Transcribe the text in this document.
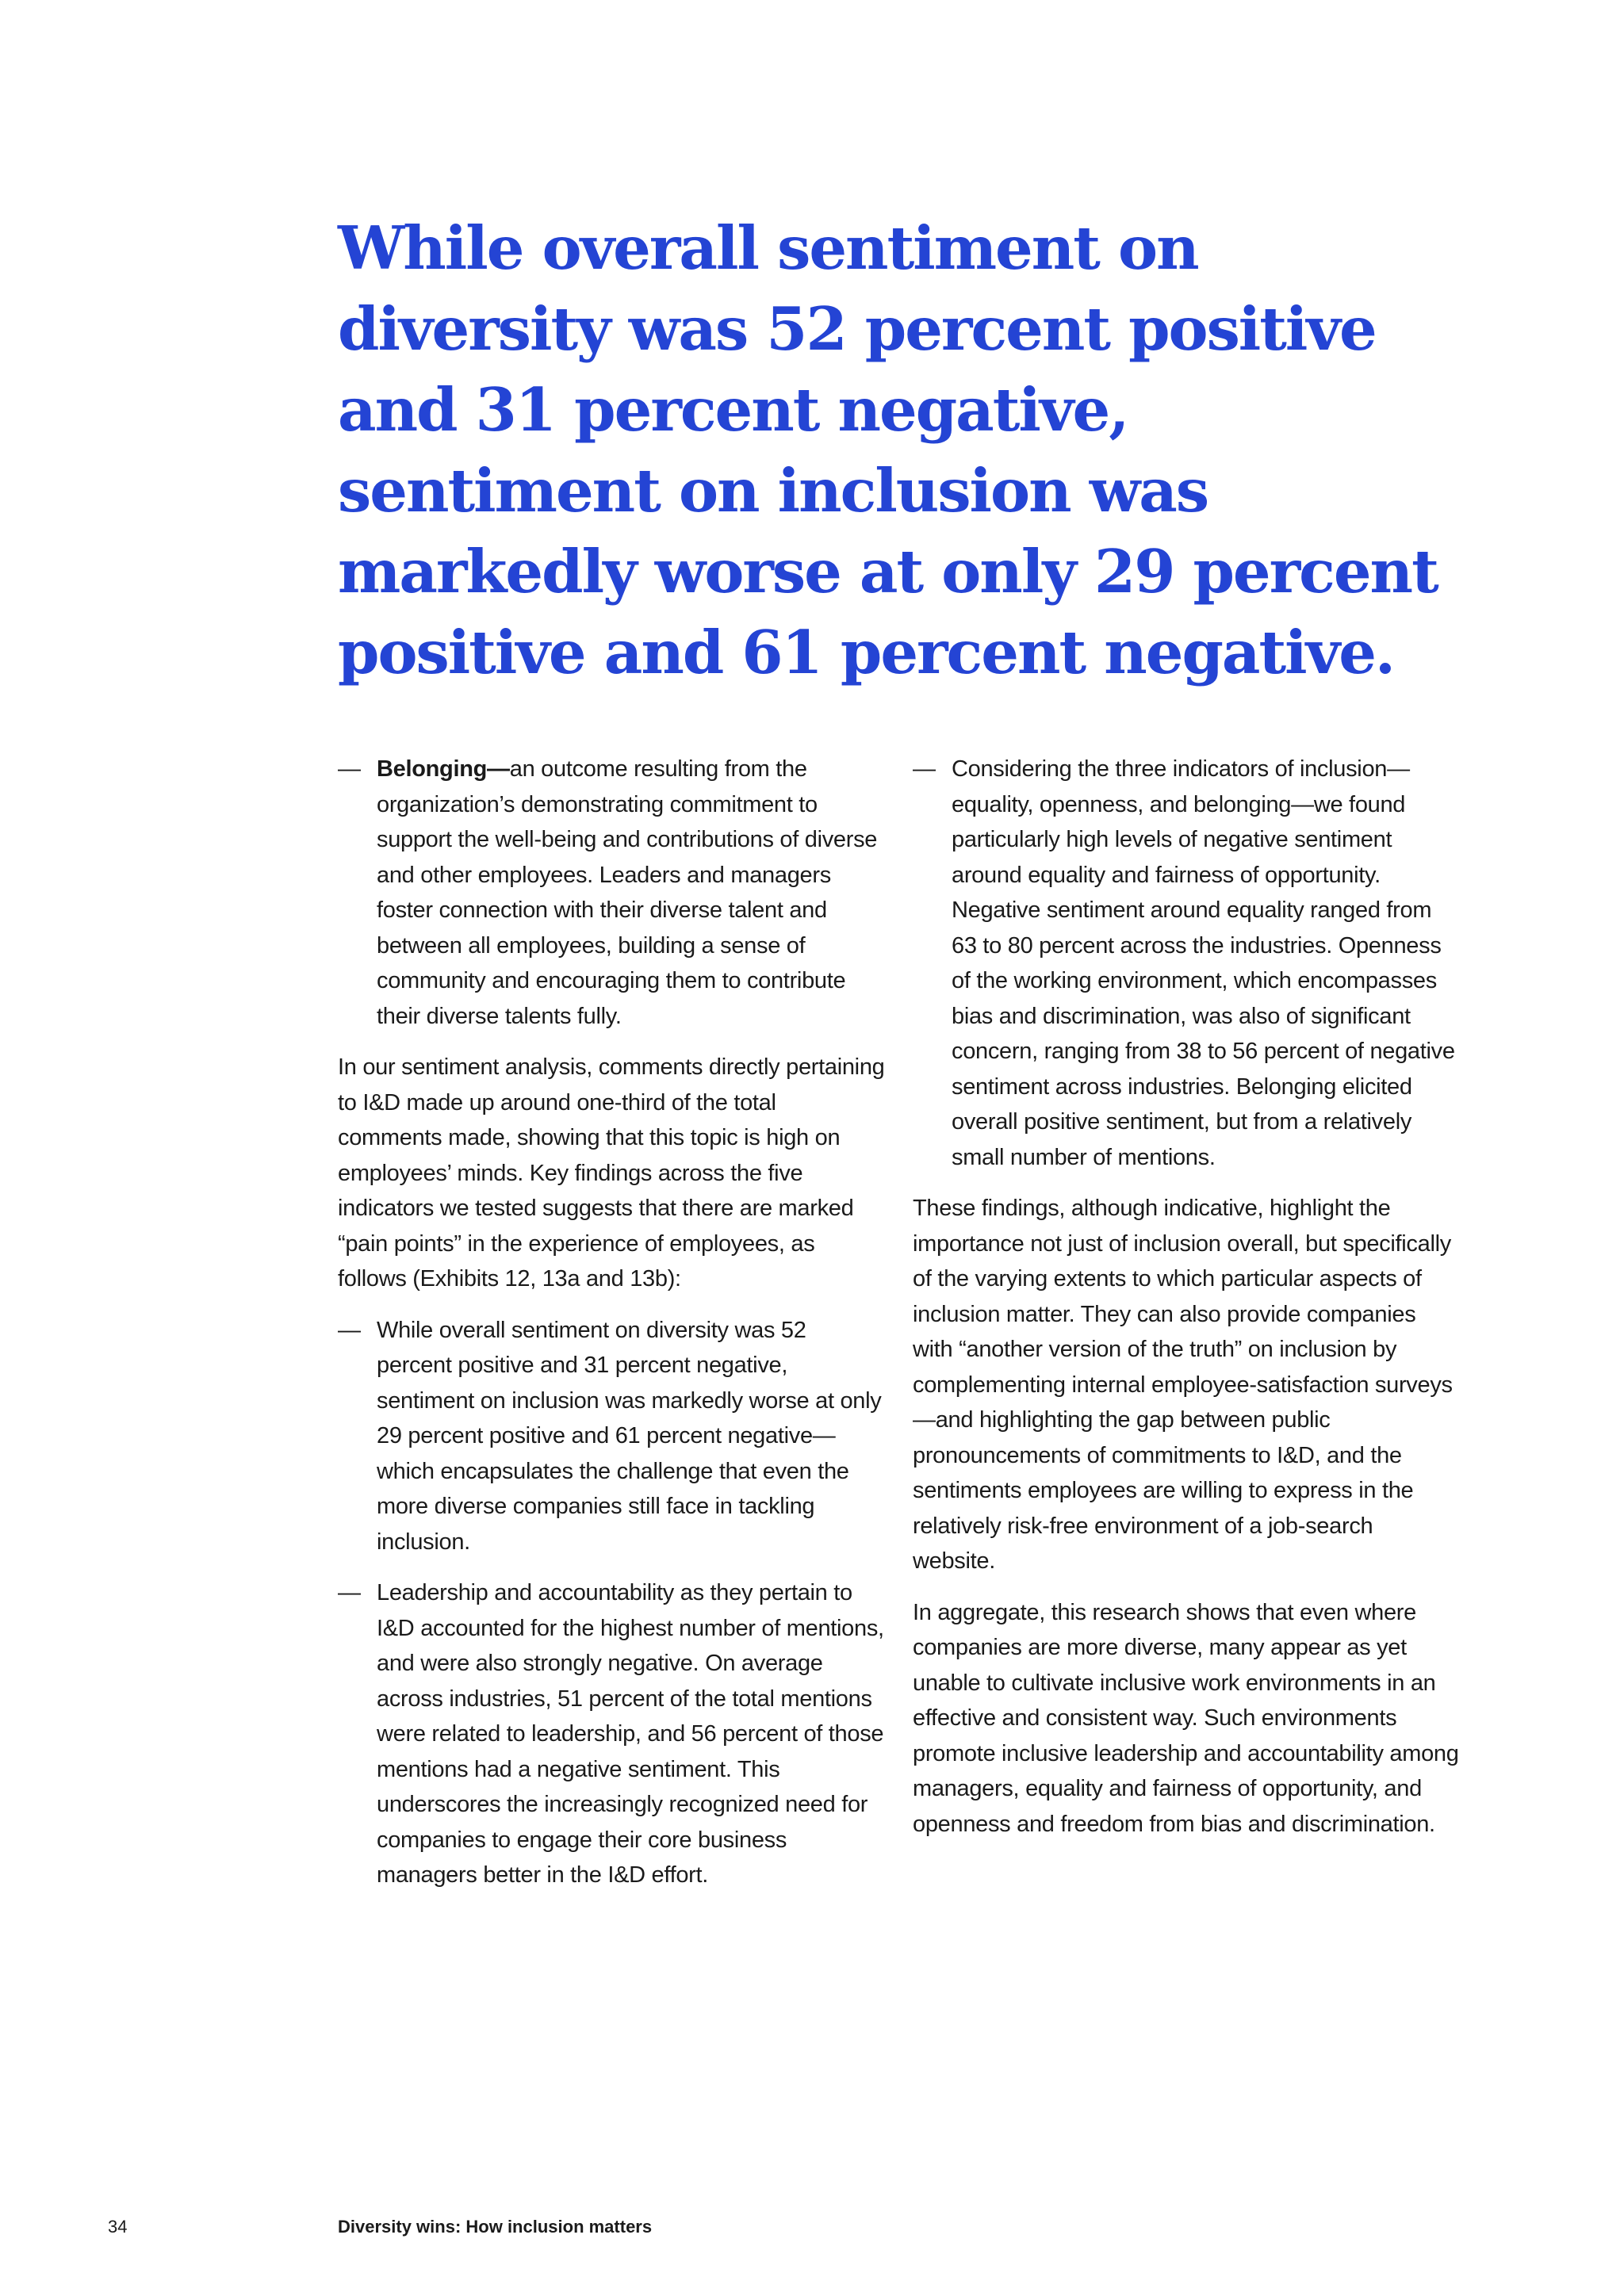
While overall sentiment on diversity was 52 percent positive and 31 percent negative, sentiment on inclusion was markedly worse at only 29 percent positive and 61 percent negative.
— Belonging—an outcome resulting from the organization’s demonstrating commitment to support the well-being and contributions of diverse and other employees. Leaders and managers foster connection with their diverse talent and between all employees, building a sense of community and encouraging them to contribute their diverse talents fully.

In our sentiment analysis, comments directly pertaining to I&D made up around one-third of the total comments made, showing that this topic is high on employees’ minds. Key findings across the five indicators we tested suggests that there are marked “pain points” in the experience of employees, as follows (Exhibits 12, 13a and 13b):

— While overall sentiment on diversity was 52 percent positive and 31 percent negative, sentiment on inclusion was markedly worse at only 29 percent positive and 61 percent negative—which encapsulates the challenge that even the more diverse companies still face in tackling inclusion.
— Leadership and accountability as they pertain to I&D accounted for the highest number of mentions, and were also strongly negative. On average across industries, 51 percent of the total mentions were related to leadership, and 56 percent of those mentions had a negative sentiment. This underscores the increasingly recognized need for companies to engage their core business managers better in the I&D effort.
— Considering the three indicators of inclusion—equality, openness, and belonging—we found particularly high levels of negative sentiment around equality and fairness of opportunity. Negative sentiment around equality ranged from 63 to 80 percent across the industries. Openness of the working environment, which encompasses bias and discrimination, was also of significant concern, ranging from 38 to 56 percent of negative sentiment across industries. Belonging elicited overall positive sentiment, but from a relatively small number of mentions.

These findings, although indicative, highlight the importance not just of inclusion overall, but specifically of the varying extents to which particular aspects of inclusion matter. They can also provide companies with “another version of the truth” on inclusion by complementing internal employee-satisfaction surveys—and highlighting the gap between public pronouncements of commitments to I&D, and the sentiments employees are willing to express in the relatively risk-free environment of a job-search website.

In aggregate, this research shows that even where companies are more diverse, many appear as yet unable to cultivate inclusive work environments in an effective and consistent way. Such environments promote inclusive leadership and accountability among managers, equality and fairness of opportunity, and openness and freedom from bias and discrimination.

34	Diversity wins: How inclusion matters
